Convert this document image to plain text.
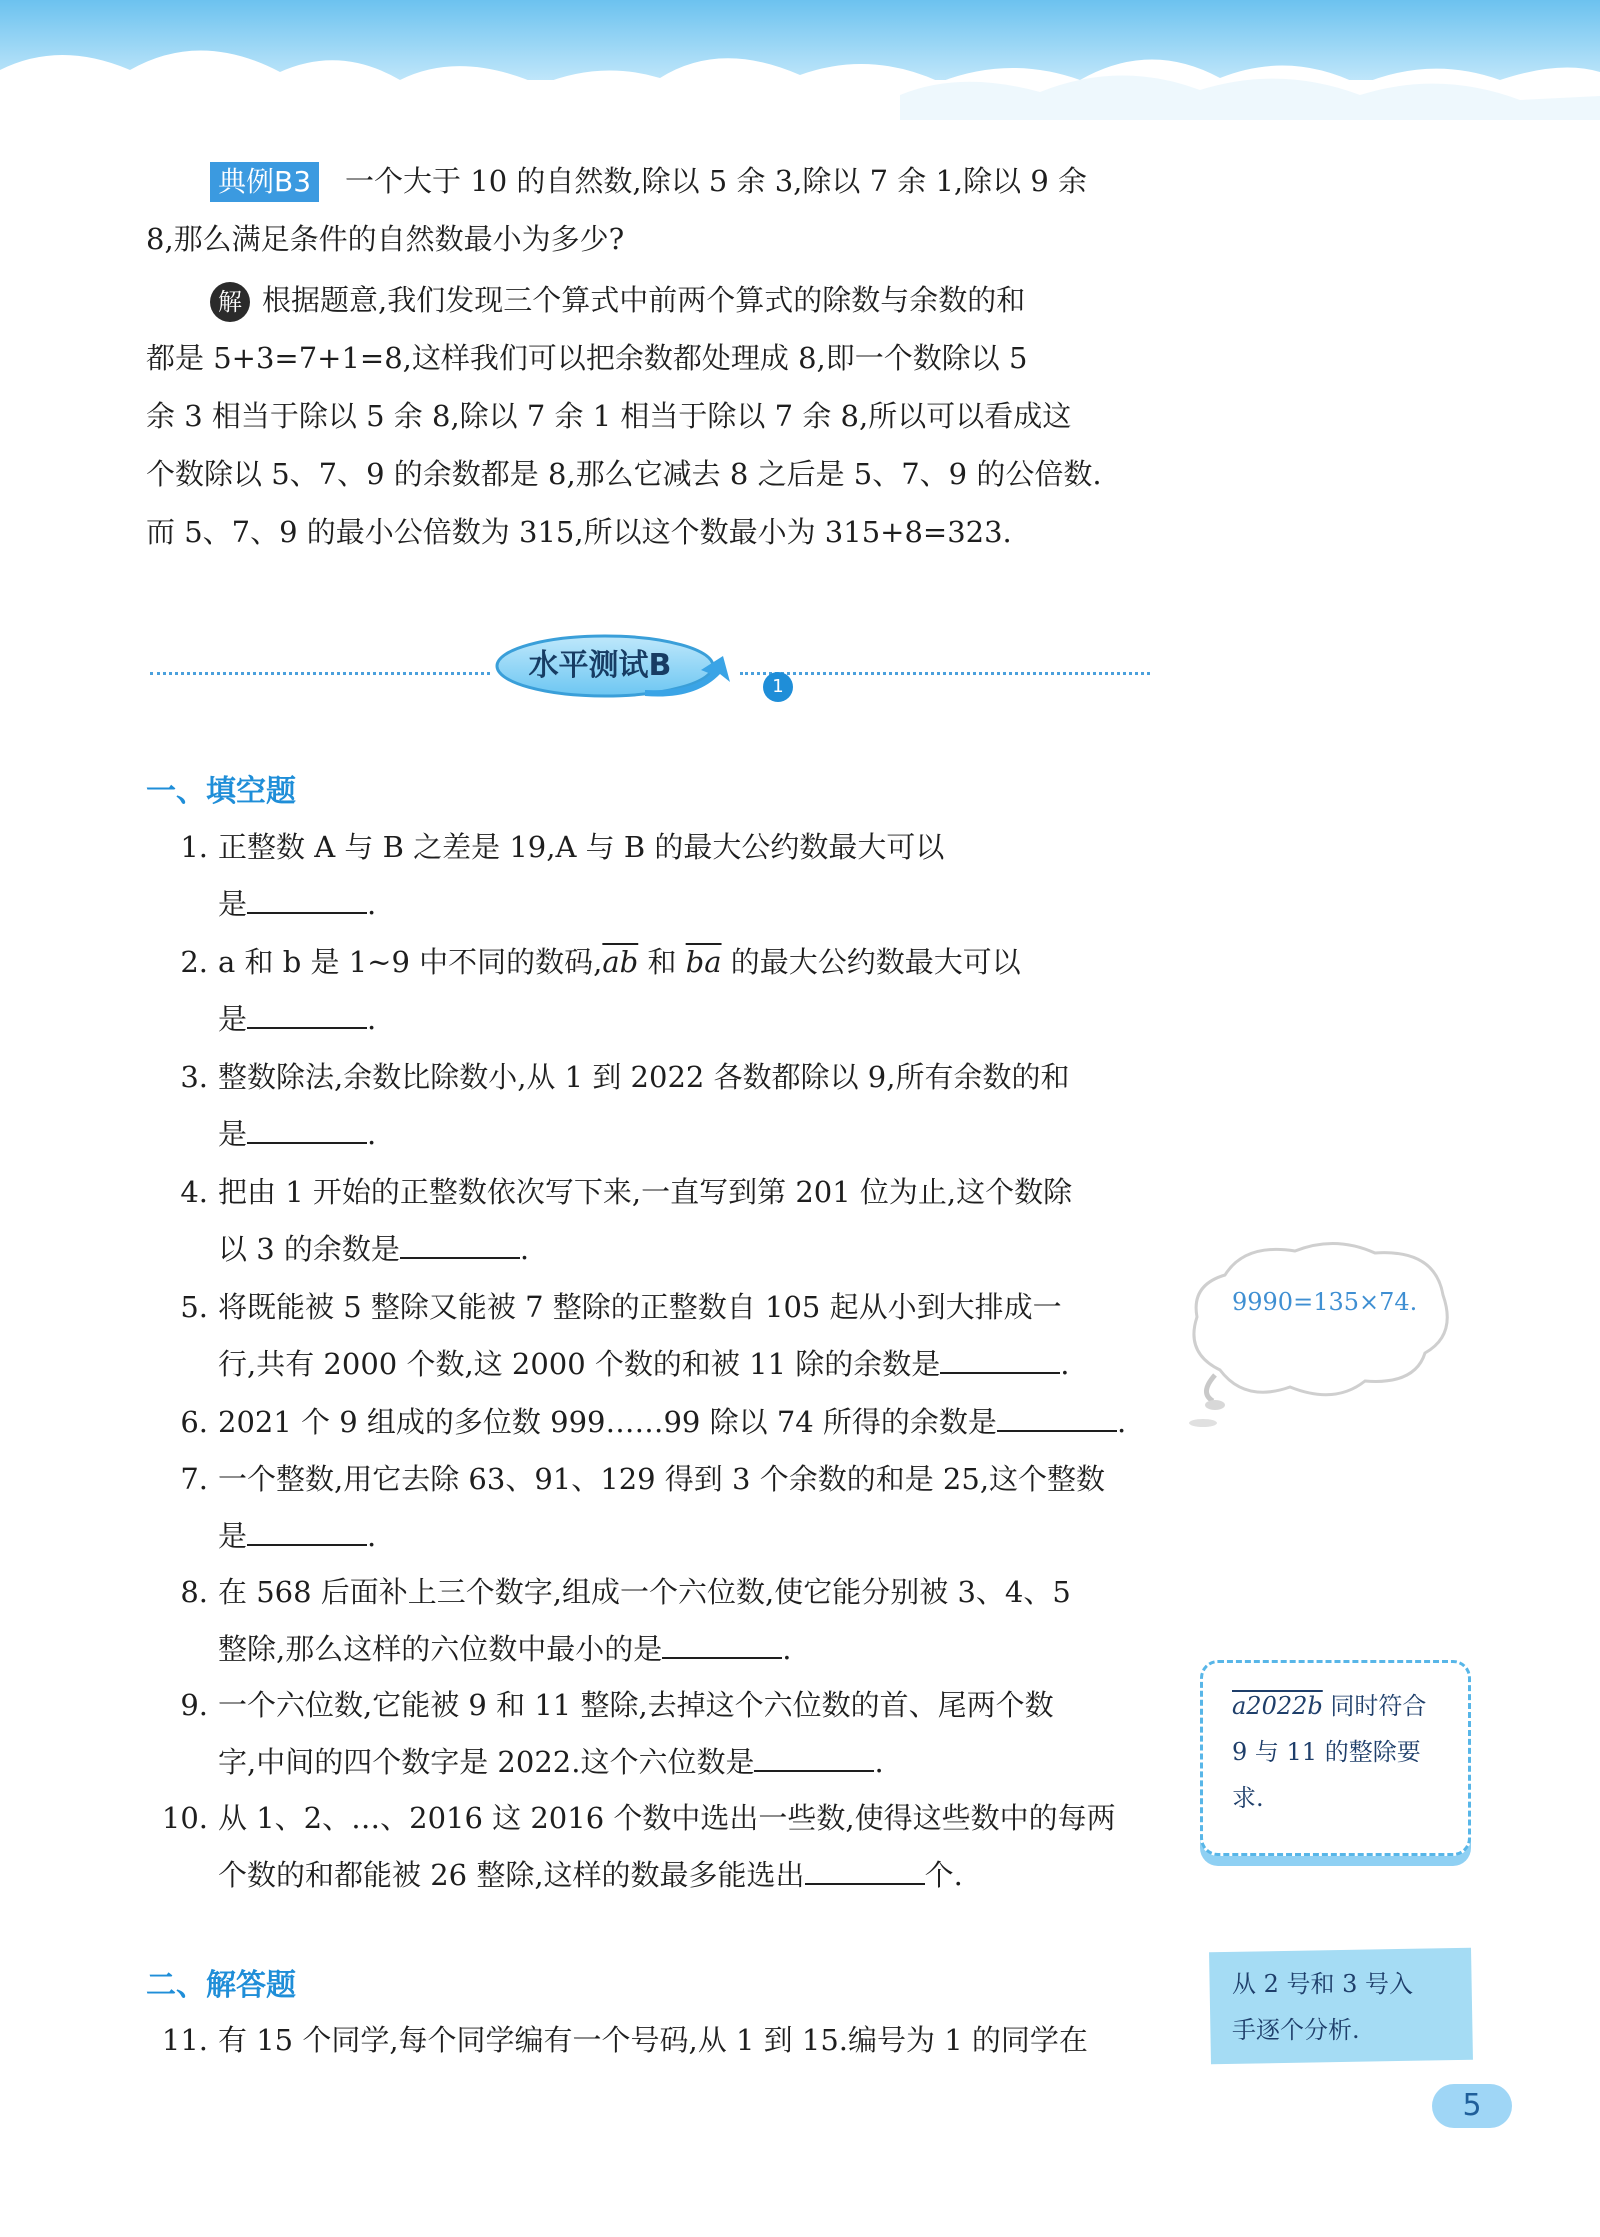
典例B3 一个大于 10 的自然数,除以 5 余 3,除以 7 余 1,除以 9 余
8,那么满足条件的自然数最小为多少?
解 根据题意,我们发现三个算式中前两个算式的除数与余数的和
都是 5+3=7+1=8,这样我们可以把余数都处理成 8,即一个数除以 5
余 3 相当于除以 5 余 8,除以 7 余 1 相当于除以 7 余 8,所以可以看成这
个数除以 5、7、9 的余数都是 8,那么它减去 8 之后是 5、7、9 的公倍数.
而 5、7、9 的最小公倍数为 315,所以这个数最小为 315+8=323.
水平测试B
1
一、填空题
1. 正整数 A 与 B 之差是 19,A 与 B 的最大公约数最大可以
是	.
2. a 和 b 是 1~9 中不同的数码$,\overline{ab}$ 和 $\overline{ba}$ 的最大公约数最大可以
是	.
3. 整数除法,余数比除数小,从 1 到 2022 各数都除以 9,所有余数的和
是	.
4. 把由 1 开始的正整数依次写下来,一直写到第 201 位为止,这个数除
以 3 的余数是	.
5. 将既能被 5 整除又能被 7 整除的正整数自 105 起从小到大排成一
行,共有 2000 个数,这 2000 个数的和被 11 除的余数是	.
6. 2021 个 9 组成的多位数 999……99 除以 74 所得的余数是	.
7. 一个整数,用它去除 63、91、129 得到 3 个余数的和是 25,这个整数
是	.
8. 在 568 后面补上三个数字,组成一个六位数,使它能分别被 3、4、5
整除,那么这样的六位数中最小的是	.
9. 一个六位数,它能被 9 和 11 整除,去掉这个六位数的首、尾两个数
字,中间的四个数字是 2022.这个六位数是	.
10. 从 1、2、…、2016 这 2016 个数中选出一些数,使得这些数中的每两
个数的和都能被 26 整除,这样的数最多能选出	个.
二、解答题
11. 有 15 个同学,每个同学编有一个号码,从 1 到 15.编号为 1 的同学在
9990=135×74.
a2022b 同时符合
9 与 11 的整除要
求.
从 2 号和 3 号入
手逐个分析.
5
